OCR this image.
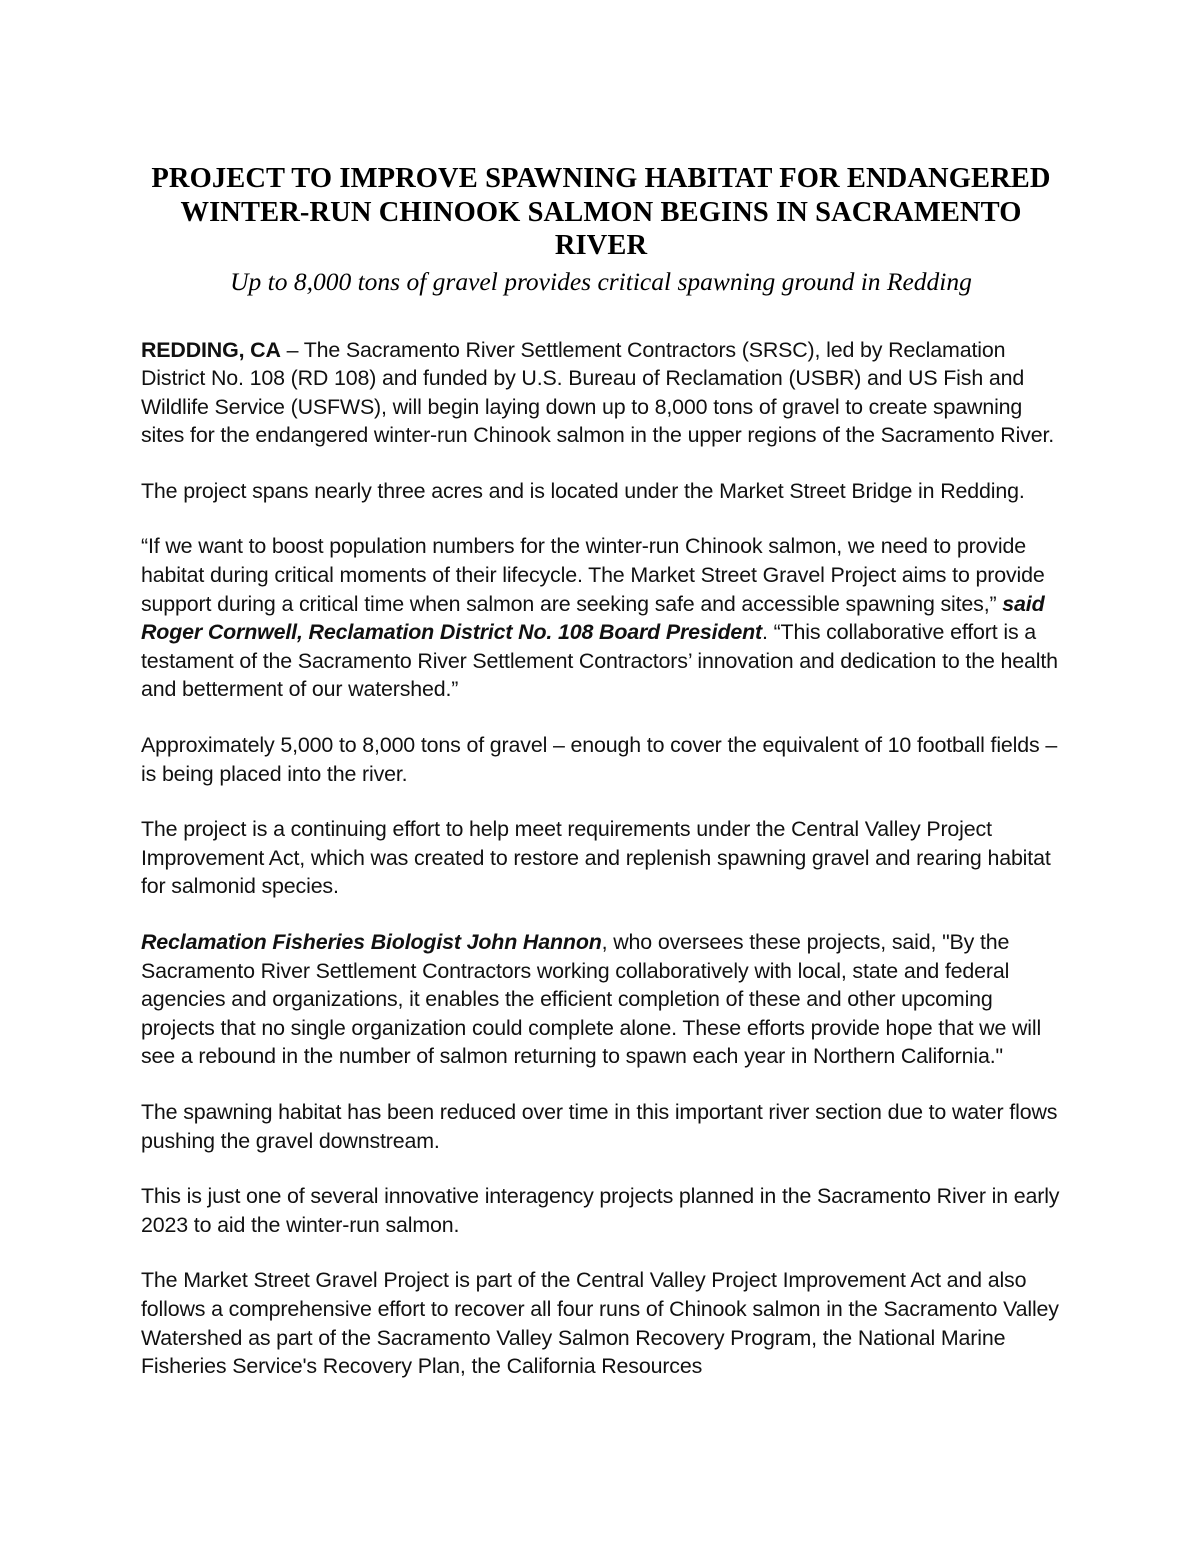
PROJECT TO IMPROVE SPAWNING HABITAT FOR ENDANGERED
WINTER-RUN CHINOOK SALMON BEGINS IN SACRAMENTO RIVER

Up to 8,000 tons of gravel provides critical spawning ground in Redding

REDDING, CA – The Sacramento River Settlement Contractors (SRSC), led by Reclamation District No. 108 (RD 108) and funded by U.S. Bureau of Reclamation (USBR) and US Fish and Wildlife Service (USFWS), will begin laying down up to 8,000 tons of gravel to create spawning sites for the endangered winter-run Chinook salmon in the upper regions of the Sacramento River.

The project spans nearly three acres and is located under the Market Street Bridge in Redding.

“If we want to boost population numbers for the winter-run Chinook salmon, we need to provide habitat during critical moments of their lifecycle. The Market Street Gravel Project aims to provide support during a critical time when salmon are seeking safe and accessible spawning sites,” said Roger Cornwell, Reclamation District No. 108 Board President. “This collaborative effort is a testament of the Sacramento River Settlement Contractors’ innovation and dedication to the health and betterment of our watershed.”

Approximately 5,000 to 8,000 tons of gravel – enough to cover the equivalent of 10 football fields – is being placed into the river.

The project is a continuing effort to help meet requirements under the Central Valley Project Improvement Act, which was created to restore and replenish spawning gravel and rearing habitat for salmonid species.

Reclamation Fisheries Biologist John Hannon, who oversees these projects, said, "By the Sacramento River Settlement Contractors working collaboratively with local, state and federal agencies and organizations, it enables the efficient completion of these and other upcoming projects that no single organization could complete alone. These efforts provide hope that we will see a rebound in the number of salmon returning to spawn each year in Northern California."

The spawning habitat has been reduced over time in this important river section due to water flows pushing the gravel downstream.

This is just one of several innovative interagency projects planned in the Sacramento River in early 2023 to aid the winter-run salmon.

The Market Street Gravel Project is part of the Central Valley Project Improvement Act and also follows a comprehensive effort to recover all four runs of Chinook salmon in the Sacramento Valley Watershed as part of the Sacramento Valley Salmon Recovery Program, the National Marine Fisheries Service's Recovery Plan, the California Resources
